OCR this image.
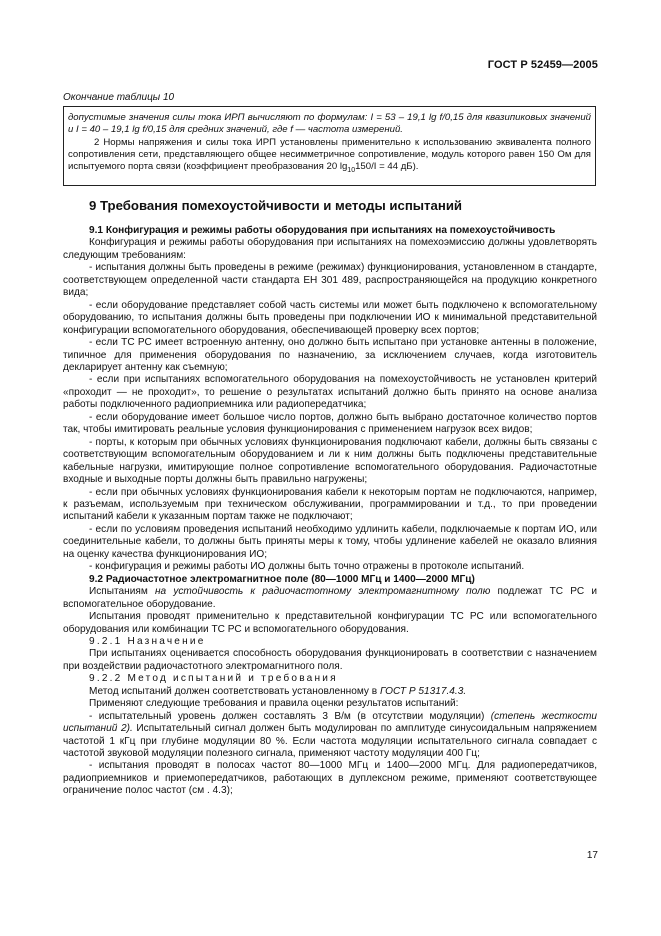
ГОСТ Р 52459—2005
Окончание таблицы 10

допустимые значения силы тока ИРП вычисляют по формулам: I = 53 – 19,1 lg f/0,15 для квазипиковых значений и I = 40 – 19,1 lg f/0,15 для средних значений, где f — частота измерений.

2 Нормы напряжения и силы тока ИРП установлены применительно к использованию эквивалента полного сопротивления сети, представляющего общее несимметричное сопротивление, модуль которого равен 150 Ом для испытуемого порта связи (коэффициент преобразования 20 $\lg_{10}150/I = 44$ дБ).

9 Требования помехоустойчивости и методы испытаний

9.1 Конфигурация и режимы работы оборудования при испытаниях на помехоустойчивость

Конфигурация и режимы работы оборудования при испытаниях на помехоэмиссию должны удовлетворять следующим требованиям:

- испытания должны быть проведены в режиме (режимах) функционирования, установленном в стандарте, соответствующем определенной части стандарта ЕН 301 489, распространяющейся на продукцию конкретного вида;

- если оборудование представляет собой часть системы или может быть подключено к вспомогательному оборудованию, то испытания должны быть проведены при подключении ИО к минимальной представительной конфигурации вспомогательного оборудования, обеспечивающей проверку всех портов;

- если ТС РС имеет встроенную антенну, оно должно быть испытано при установке антенны в положение, типичное для применения оборудования по назначению, за исключением случаев, когда изготовитель декларирует антенну как съемную;

- если при испытаниях вспомогательного оборудования на помехоустойчивость не установлен критерий «проходит — не проходит», то решение о результатах испытаний должно быть принято на основе анализа работы подключенного радиоприемника или радиопередатчика;

- если оборудование имеет большое число портов, должно быть выбрано достаточное количество портов так, чтобы имитировать реальные условия функционирования с применением нагрузок всех видов;

- порты, к которым при обычных условиях функционирования подключают кабели, должны быть связаны с соответствующим вспомогательным оборудованием и ли к ним должны быть подключены представительные кабельные нагрузки, имитирующие полное сопротивление вспомогательного оборудования. Радиочастотные входные и выходные порты должны быть правильно нагружены;

- если при обычных условиях функционирования кабели к некоторым портам не подключаются, например, к разъемам, используемым при техническом обслуживании, программировании и т.д., то при проведении испытаний кабели к указанным портам также не подключают;

- если по условиям проведения испытаний необходимо удлинить кабели, подключаемые к портам ИО, или соединительные кабели, то должны быть приняты меры к тому, чтобы удлинение кабелей не оказало влияния на оценку качества функционирования ИО;

- конфигурация и режимы работы ИО должны быть точно отражены в протоколе испытаний.

9.2 Радиочастотное электромагнитное поле (80—1000 МГц и 1400—2000 МГц)

Испытаниям на устойчивость к радиочастотному электромагнитному полю подлежат ТС РС и вспомогательное оборудование.

Испытания проводят применительно к представительной конфигурации ТС РС или вспомогательного оборудования или комбинации ТС РС и вспомогательного оборудования.

9.2.1 Назначение

При испытаниях оценивается способность оборудования функционировать в соответствии с назначением при воздействии радиочастотного электромагнитного поля.

9.2.2 Метод испытаний и требования

Метод испытаний должен соответствовать установленному в ГОСТ Р 51317.4.3.

Применяют следующие требования и правила оценки результатов испытаний:

- испытательный уровень должен составлять 3 В/м (в отсутствии модуляции) (степень жесткости испытаний 2). Испытательный сигнал должен быть модулирован по амплитуде синусоидальным напряжением частотой 1 кГц при глубине модуляции 80 %. Если частота модуляции испытательного сигнала совпадает с частотой звуковой модуляции полезного сигнала, применяют частоту модуляции 400 Гц;

- испытания проводят в полосах частот 80—1000 МГц и 1400—2000 МГц. Для радиопередатчиков, радиоприемников и приемопередатчиков, работающих в дуплексном режиме, применяют соответствующее ограничение полос частот (см . 4.3);

17
